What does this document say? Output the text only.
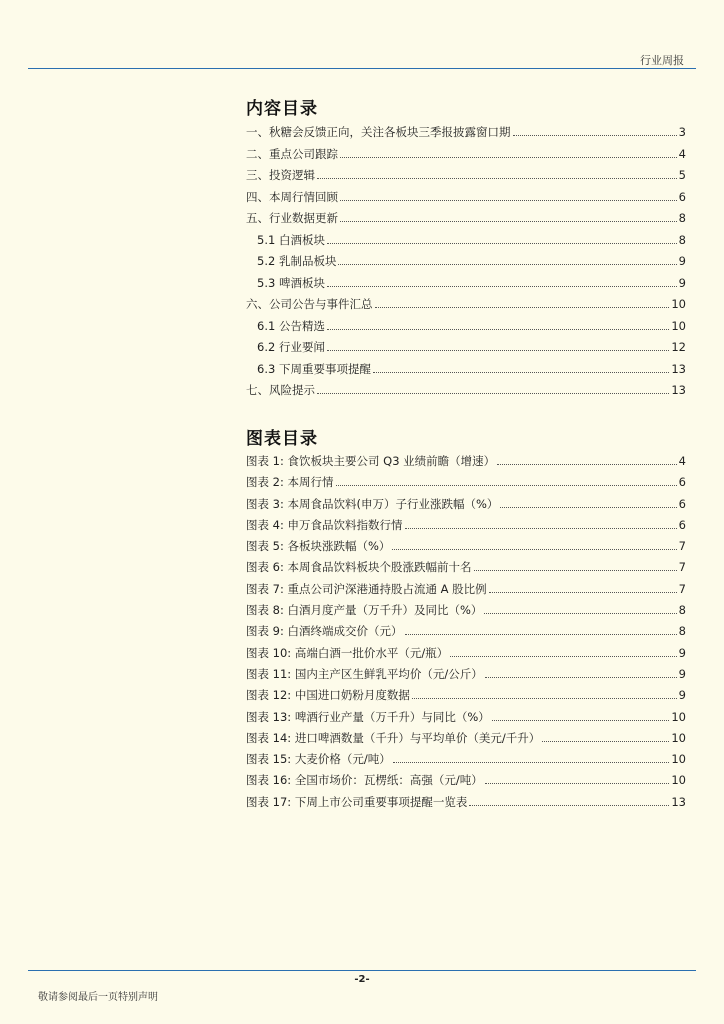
行业周报
内容目录
一、秋糖会反馈正向，关注各板块三季报披露窗口期	3
二、重点公司跟踪	4
三、投资逻辑	5
四、本周行情回顾	6
五、行业数据更新	8
5.1 白酒板块	8
5.2 乳制品板块	9
5.3 啤酒板块	9
六、公司公告与事件汇总	10
6.1 公告精选	10
6.2 行业要闻	12
6.3 下周重要事项提醒	13
七、风险提示	13
图表目录
图表 1: 食饮板块主要公司 Q3 业绩前瞻（增速）	4
图表 2: 本周行情	6
图表 3: 本周食品饮料(申万）子行业涨跌幅（%）	6
图表 4: 申万食品饮料指数行情	6
图表 5: 各板块涨跌幅（%）	7
图表 6: 本周食品饮料板块个股涨跌幅前十名	7
图表 7: 重点公司沪深港通持股占流通 A 股比例	7
图表 8: 白酒月度产量（万千升）及同比（%）	8
图表 9: 白酒终端成交价（元）	8
图表 10: 高端白酒一批价水平（元/瓶）	9
图表 11: 国内主产区生鲜乳平均价（元/公斤）	9
图表 12: 中国进口奶粉月度数据	9
图表 13: 啤酒行业产量（万千升）与同比（%）	10
图表 14: 进口啤酒数量（千升）与平均单价（美元/千升）	10
图表 15: 大麦价格（元/吨）	10
图表 16: 全国市场价：瓦楞纸：高强（元/吨）	10
图表 17: 下周上市公司重要事项提醒一览表	13
-2-
敬请参阅最后一页特别声明
